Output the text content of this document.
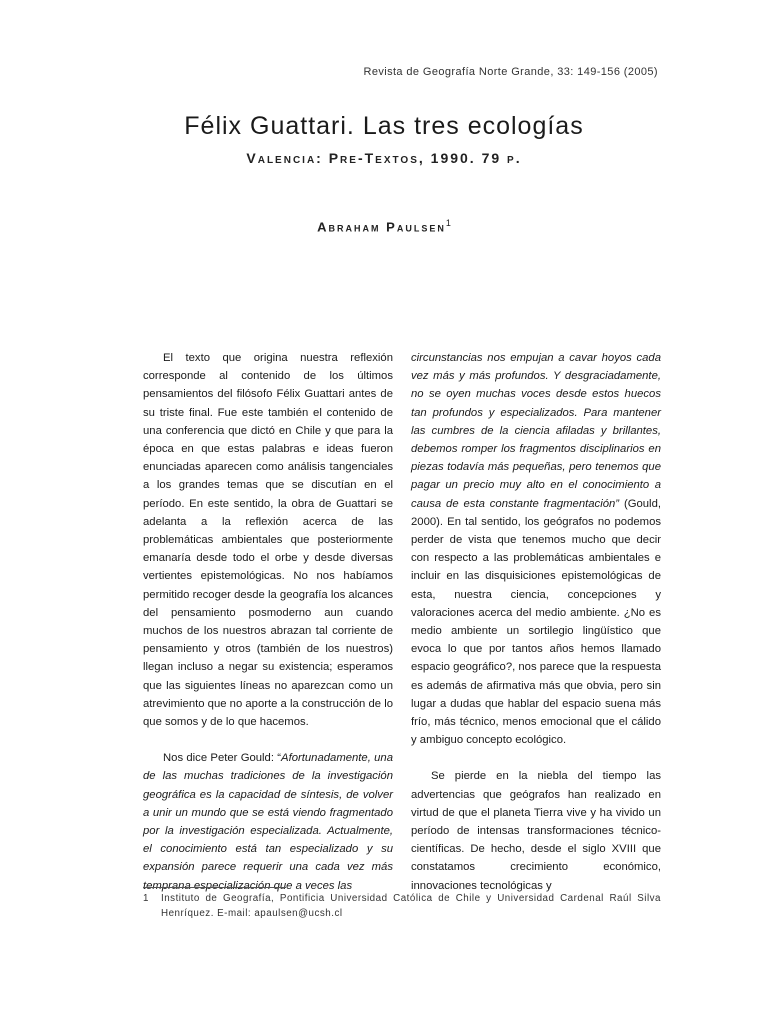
Revista de Geografía Norte Grande, 33: 149-156 (2005)
Félix Guattari. Las tres ecologías
Valencia: Pre-Textos, 1990. 79 p.
Abraham Paulsen$^1$

El texto que origina nuestra reflexión corresponde al contenido de los últimos pensamientos del filósofo Félix Guattari antes de su triste final. Fue este también el contenido de una conferencia que dictó en Chile y que para la época en que estas palabras e ideas fueron enunciadas aparecen como análisis tangenciales a los grandes temas que se discutían en el período. En este sentido, la obra de Guattari se adelanta a la reflexión acerca de las problemáticas ambientales que posteriormente emanaría desde todo el orbe y desde diversas vertientes epistemológicas. No nos habíamos permitido recoger desde la geografía los alcances del pensamiento posmoderno aun cuando muchos de los nuestros abrazan tal corriente de pensamiento y otros (también de los nuestros) llegan incluso a negar su existencia; esperamos que las siguientes líneas no aparezcan como un atrevimiento que no aporte a la construcción de lo que somos y de lo que hacemos.

Nos dice Peter Gould: “Afortunadamente, una de las muchas tradiciones de la investigación geográfica es la capacidad de síntesis, de volver a unir un mundo que se está viendo fragmentado por la investigación especializada. Actualmente, el conocimiento está tan especializado y su expansión parece requerir una cada vez más temprana especialización que a veces las

circunstancias nos empujan a cavar hoyos cada vez más y más profundos. Y desgraciadamente, no se oyen muchas voces desde estos huecos tan profundos y especializados. Para mantener las cumbres de la ciencia afiladas y brillantes, debemos romper los fragmentos disciplinarios en piezas todavía más pequeñas, pero tenemos que pagar un precio muy alto en el conocimiento a causa de esta constante fragmentación” (Gould, 2000). En tal sentido, los geógrafos no podemos perder de vista que tenemos mucho que decir con respecto a las problemáticas ambientales e incluir en las disquisiciones epistemológicas de esta, nuestra ciencia, concepciones y valoraciones acerca del medio ambiente. ¿No es medio ambiente un sortilegio lingüístico que evoca lo que por tantos años hemos llamado espacio geográfico?, nos parece que la respuesta es además de afirmativa más que obvia, pero sin lugar a dudas que hablar del espacio suena más frío, más técnico, menos emocional que el cálido y ambiguo concepto ecológico.

Se pierde en la niebla del tiempo las advertencias que geógrafos han realizado en virtud de que el planeta Tierra vive y ha vivido un período de intensas transformaciones técnico-científicas. De hecho, desde el siglo XVIII que constatamos crecimiento económico, innovaciones tecnológicas y

1	Instituto de Geografía, Pontificia Universidad Católica de Chile y Universidad Cardenal Raúl Silva Henríquez. E-mail: apaulsen@ucsh.cl
